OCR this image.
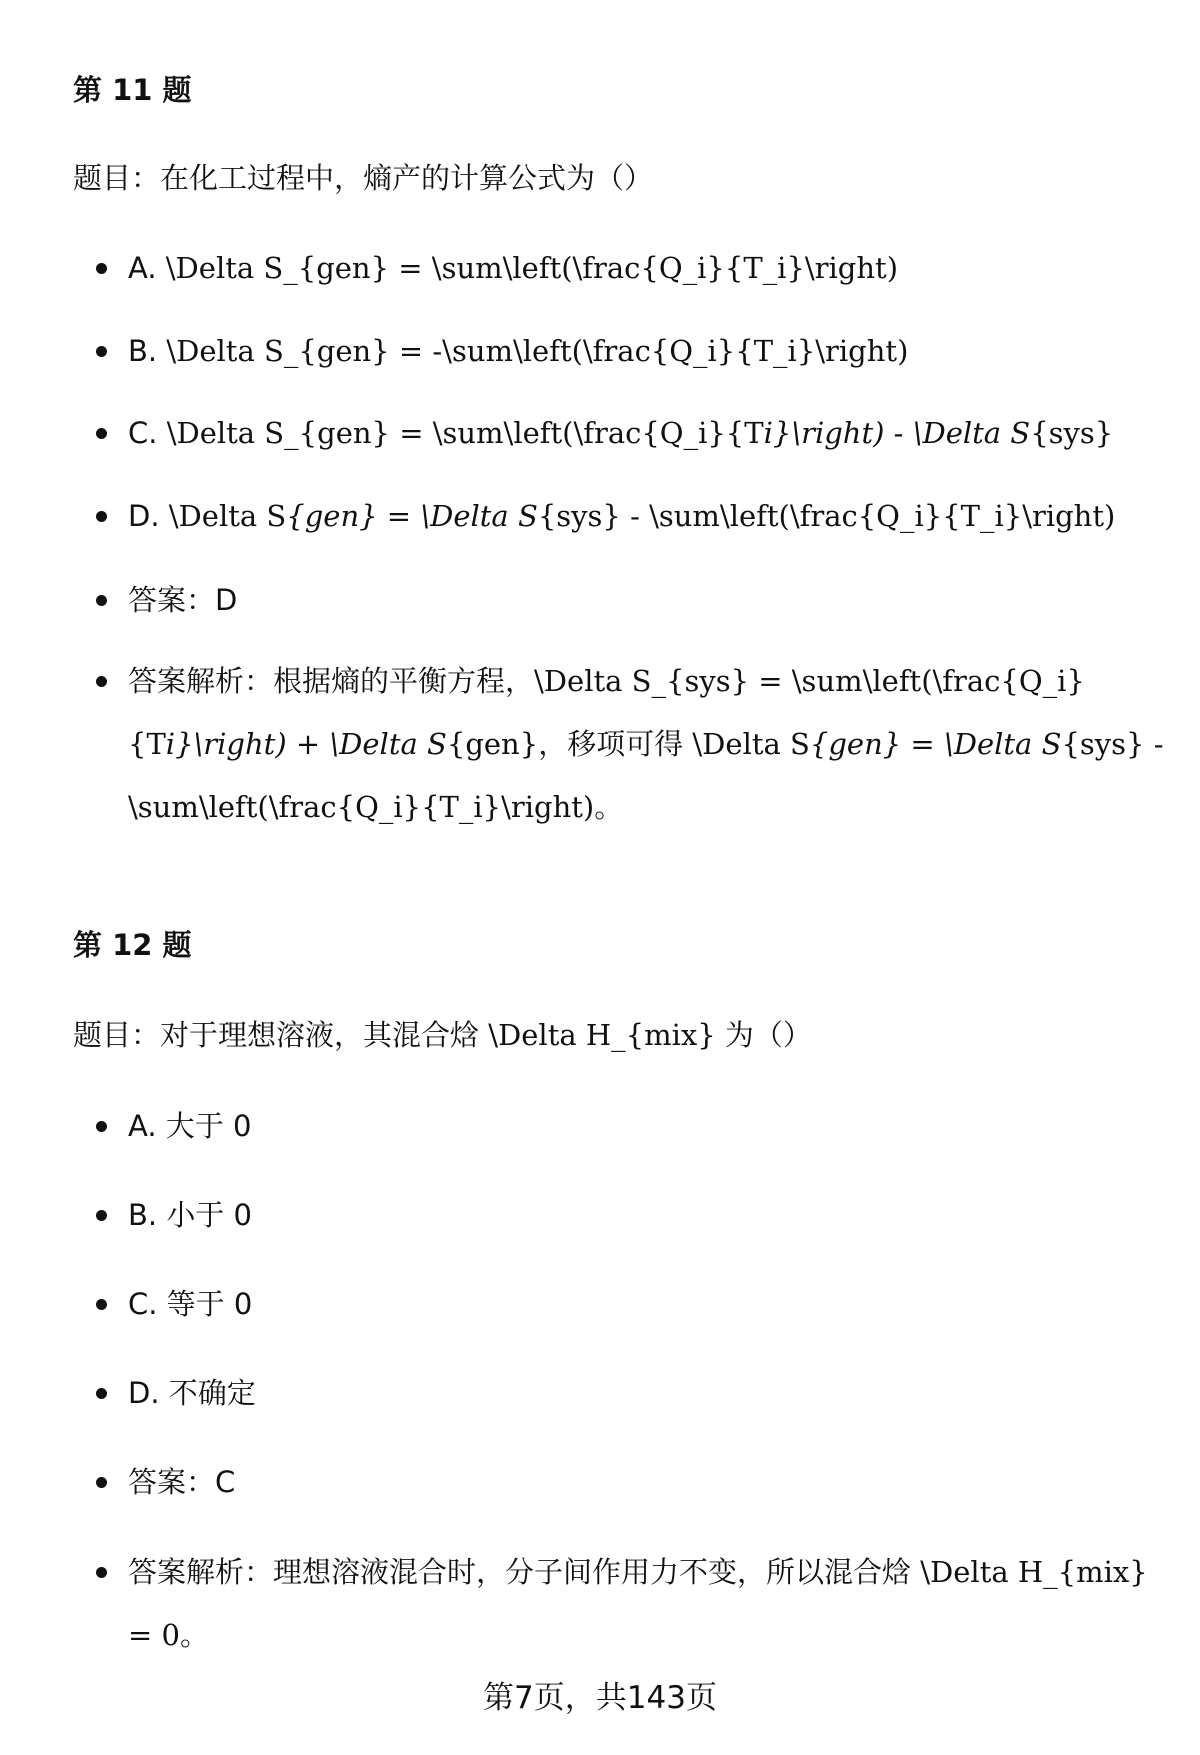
第 11 题
题目：在化工过程中，熵产的计算公式为（）
A. \Delta S_{gen} = \sum\left(\frac{Q_i}{T_i}\right)
B. \Delta S_{gen} = -\sum\left(\frac{Q_i}{T_i}\right)
C. \Delta S_{gen} = \sum\left(\frac{Q_i}{Ti}\right) - \Delta S{sys}
D. \Delta S{gen} = \Delta S{sys} - \sum\left(\frac{Q_i}{T_i}\right)
答案：D
答案解析：根据熵的平衡方程，\Delta S_{sys} = \sum\left(\frac{Q_i}
{Ti}\right) + \Delta S{gen}，移项可得 \Delta S{gen} = \Delta S{sys} -
\sum\left(\frac{Q_i}{T_i}\right)。
第 12 题
题目：对于理想溶液，其混合焓 \Delta H_{mix} 为（）
A. 大于 0
B. 小于 0
C. 等于 0
D. 不确定
答案：C
答案解析：理想溶液混合时，分子间作用力不变，所以混合焓 \Delta H_{mix}
= 0。
第7页，共143页
